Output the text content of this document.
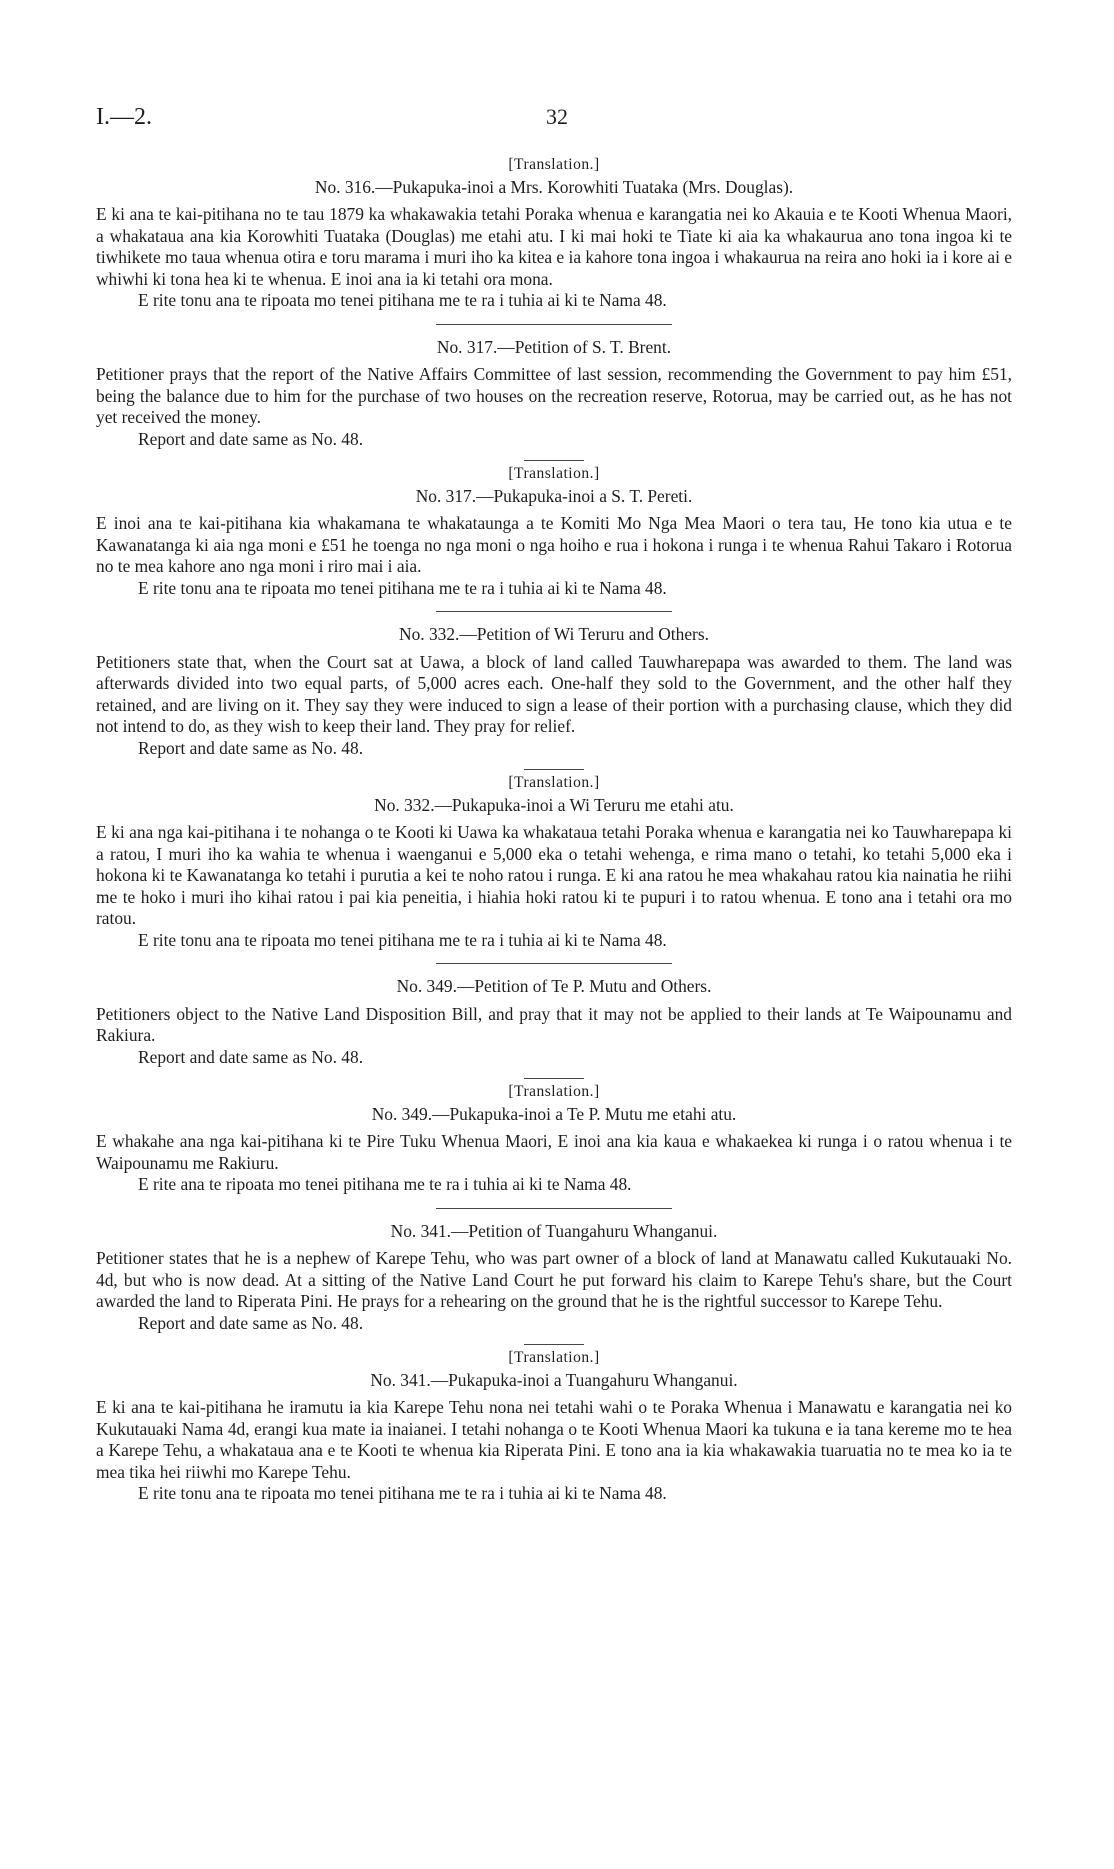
I.—2.	32
[Translation.]
No. 316.—Pukapuka-inoi a Mrs. Korowhiti Tuataka (Mrs. Douglas).

E ki ana te kai-pitihana no te tau 1879 ka whakawakia tetahi Poraka whenua e karangatia nei ko Akauia e te Kooti Whenua Maori, a whakataua ana kia Korowhiti Tuataka (Douglas) me etahi atu. I ki mai hoki te Tiate ki aia ka whakaurua ano tona ingoa ki te tiwhikete mo taua whenua otira e toru marama i muri iho ka kitea e ia kahore tona ingoa i whakaurua na reira ano hoki ia i kore ai e whiwhi ki tona hea ki te whenua. E inoi ana ia ki tetahi ora mona.

E rite tonu ana te ripoata mo tenei pitihana me te ra i tuhia ai ki te Nama 48.

No. 317.—Petition of S. T. Brent.

Petitioner prays that the report of the Native Affairs Committee of last session, recommending the Government to pay him £51, being the balance due to him for the purchase of two houses on the recreation reserve, Rotorua, may be carried out, as he has not yet received the money.

Report and date same as No. 48.

[Translation.]
No. 317.—Pukapuka-inoi a S. T. Pereti.

E inoi ana te kai-pitihana kia whakamana te whakataunga a te Komiti Mo Nga Mea Maori o tera tau, He tono kia utua e te Kawanatanga ki aia nga moni e £51 he toenga no nga moni o nga hoiho e rua i hokona i runga i te whenua Rahui Takaro i Rotorua no te mea kahore ano nga moni i riro mai i aia.

E rite tonu ana te ripoata mo tenei pitihana me te ra i tuhia ai ki te Nama 48.

No. 332.—Petition of Wi Teruru and Others.

Petitioners state that, when the Court sat at Uawa, a block of land called Tauwharepapa was awarded to them. The land was afterwards divided into two equal parts, of 5,000 acres each. One-half they sold to the Government, and the other half they retained, and are living on it. They say they were induced to sign a lease of their portion with a purchasing clause, which they did not intend to do, as they wish to keep their land. They pray for relief.

Report and date same as No. 48.

[Translation.]
No. 332.—Pukapuka-inoi a Wi Teruru me etahi atu.

E ki ana nga kai-pitihana i te nohanga o te Kooti ki Uawa ka whakataua tetahi Poraka whenua e karangatia nei ko Tauwharepapa ki a ratou, I muri iho ka wahia te whenua i waenganui e 5,000 eka o tetahi wehenga, e rima mano o tetahi, ko tetahi 5,000 eka i hokona ki te Kawanatanga ko tetahi i purutia a kei te noho ratou i runga. E ki ana ratou he mea whakahau ratou kia nainatia he riihi me te hoko i muri iho kihai ratou i pai kia peneitia, i hiahia hoki ratou ki te pupuri i to ratou whenua. E tono ana i tetahi ora mo ratou.

E rite tonu ana te ripoata mo tenei pitihana me te ra i tuhia ai ki te Nama 48.

No. 349.—Petition of Te P. Mutu and Others.

Petitioners object to the Native Land Disposition Bill, and pray that it may not be applied to their lands at Te Waipounamu and Rakiura.

Report and date same as No. 48.

[Translation.]
No. 349.—Pukapuka-inoi a Te P. Mutu me etahi atu.

E whakahe ana nga kai-pitihana ki te Pire Tuku Whenua Maori, E inoi ana kia kaua e whakaekea ki runga i o ratou whenua i te Waipounamu me Rakiuru.

E rite ana te ripoata mo tenei pitihana me te ra i tuhia ai ki te Nama 48.

No. 341.—Petition of Tuangahuru Whanganui.

Petitioner states that he is a nephew of Karepe Tehu, who was part owner of a block of land at Manawatu called Kukutauaki No. 4d, but who is now dead. At a sitting of the Native Land Court he put forward his claim to Karepe Tehu's share, but the Court awarded the land to Riperata Pini. He prays for a rehearing on the ground that he is the rightful successor to Karepe Tehu.

Report and date same as No. 48.

[Translation.]
No. 341.—Pukapuka-inoi a Tuangahuru Whanganui.

E ki ana te kai-pitihana he iramutu ia kia Karepe Tehu nona nei tetahi wahi o te Poraka Whenua i Manawatu e karangatia nei ko Kukutauaki Nama 4d, erangi kua mate ia inaianei. I tetahi nohanga o te Kooti Whenua Maori ka tukuna e ia tana kereme mo te hea a Karepe Tehu, a whakataua ana e te Kooti te whenua kia Riperata Pini. E tono ana ia kia whakawakia tuaruatia no te mea ko ia te mea tika hei riiwhi mo Karepe Tehu.

E rite tonu ana te ripoata mo tenei pitihana me te ra i tuhia ai ki te Nama 48.
